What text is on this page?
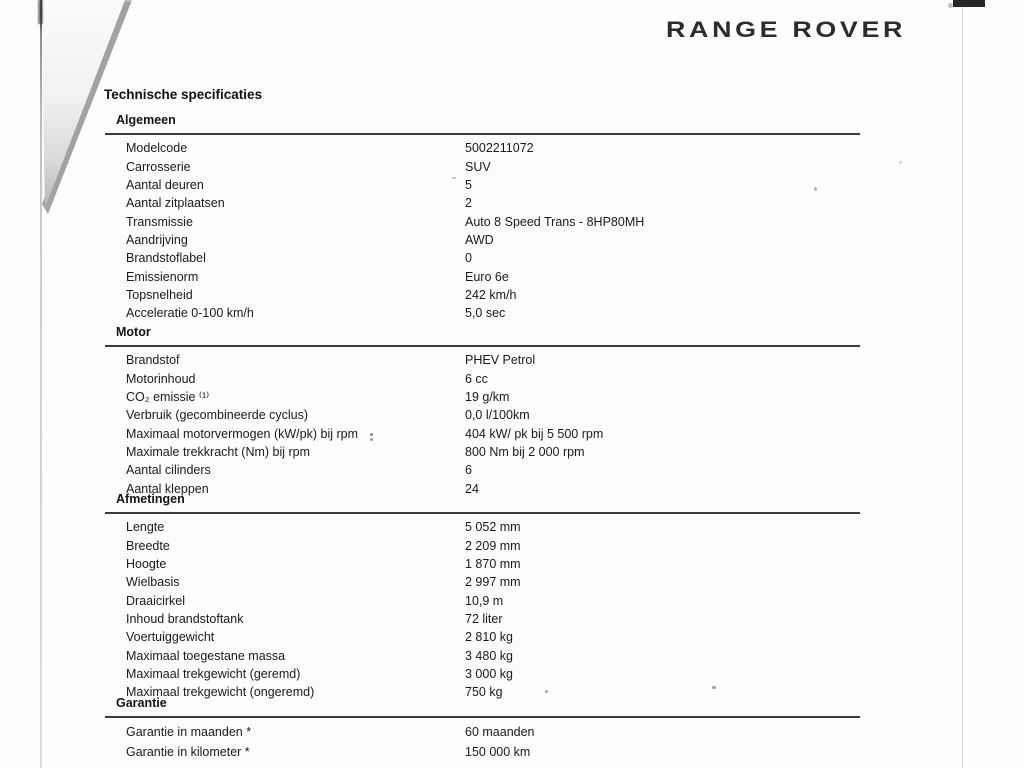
RANGE ROVER
Technische specificaties
Algemeen
Modelcode	5002211072
Carrosserie	SUV
Aantal deuren	5
Aantal zitplaatsen	2
Transmissie	Auto 8 Speed Trans - 8HP80MH
Aandrijving	AWD
Brandstoflabel	0
Emissienorm	Euro 6e
Topsnelheid	242 km/h
Acceleratie 0-100 km/h	5,0 sec
Motor
Brandstof	PHEV Petrol
Motorinhoud	6 cc
CO₂ emissie ⁽¹⁾	19 g/km
Verbruik (gecombineerde cyclus)	0,0 l/100km
Maximaal motorvermogen (kW/pk) bij rpm	404 kW/ pk bij 5 500 rpm
Maximale trekkracht (Nm) bij rpm	800 Nm bij 2 000 rpm
Aantal cilinders	6
Aantal kleppen	24
Afmetingen
Lengte	5 052 mm
Breedte	2 209 mm
Hoogte	1 870 mm
Wielbasis	2 997 mm
Draaicirkel	10,9 m
Inhoud brandstoftank	72 liter
Voertuiggewicht	2 810 kg
Maximaal toegestane massa	3 480 kg
Maximaal trekgewicht (geremd)	3 000 kg
Maximaal trekgewicht (ongeremd)	750 kg
Garantie
Garantie in maanden *	60 maanden
Garantie in kilometer *	150 000 km
